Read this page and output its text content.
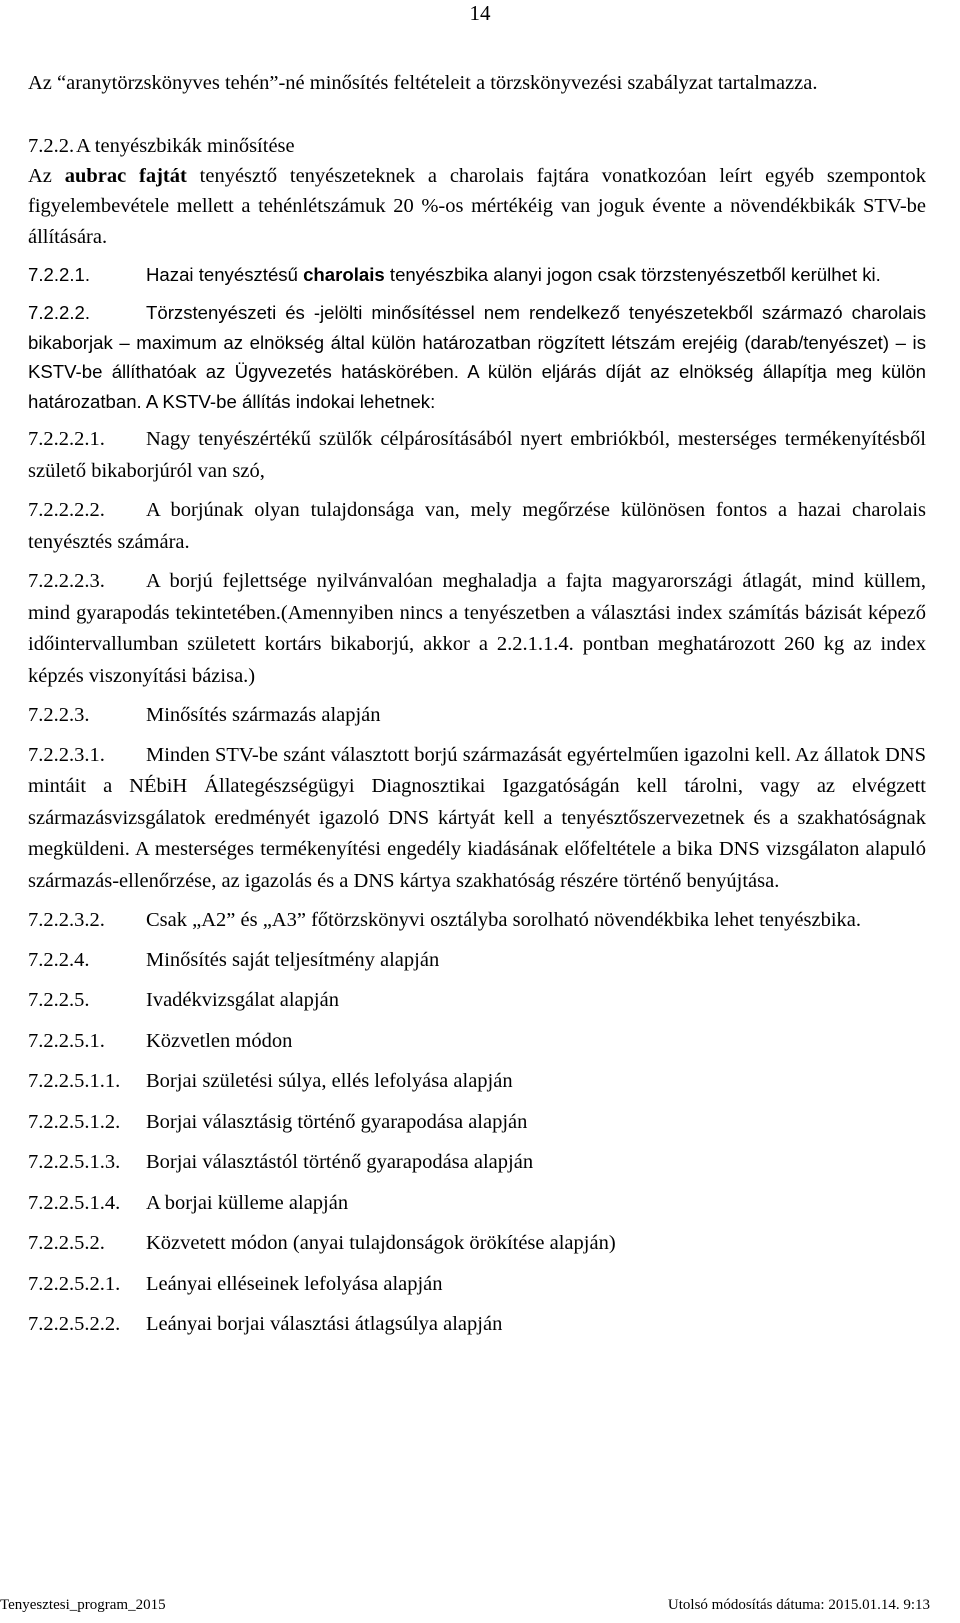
14

Az “aranytörzskönyves tehén”-né minősítés feltételeit a törzskönyvezési szabályzat tartalmazza.

7.2.2. A tenyészbikák minősítése

Az aubrac fajtát tenyésztő tenyészeteknek a charolais fajtára vonatkozóan leírt egyéb szempontok figyelembevétele mellett a tehénlétszámuk 20 %-os mértékéig van joguk évente a növendékbikák STV-be állítására.

7.2.2.1.	Hazai tenyésztésű charolais tenyészbika alanyi jogon csak törzstenyészetből kerülhet ki.

7.2.2.2.	Törzstenyészeti és -jelölti minősítéssel nem rendelkező tenyészetekből származó charolais bikaborjak – maximum az elnökség által külön határozatban rögzített létszám erejéig (darab/tenyészet) – is KSTV-be állíthatóak az Ügyvezetés hatáskörében. A külön eljárás díját az elnökség állapítja meg külön határozatban. A KSTV-be állítás indokai lehetnek:

7.2.2.2.1. Nagy tenyészértékű szülők célpárosításából nyert embriókból, mesterséges termékenyítésből születő bikaborjúról van szó,

7.2.2.2.2. A borjúnak olyan tulajdonsága van, mely megőrzése különösen fontos a hazai charolais tenyésztés számára.

7.2.2.2.3. A borjú fejlettsége nyilvánvalóan meghaladja a fajta magyarországi átlagát, mind küllem, mind gyarapodás tekintetében.(Amennyiben nincs a tenyészetben a választási index számítás bázisát képező időintervallumban született kortárs bikaborjú, akkor a 2.2.1.1.4. pontban meghatározott 260 kg az index képzés viszonyítási bázisa.)

7.2.2.3.	Minősítés származás alapján

7.2.2.3.1. Minden STV-be szánt választott borjú származását egyértelműen igazolni kell. Az állatok DNS mintáit a NÉbiH Állategészségügyi Diagnosztikai Igazgatóságán kell tárolni, vagy az elvégzett származásvizsgálatok eredményét igazoló DNS kártyát kell a tenyésztőszervezetnek és a szakhatóságnak megküldeni. A mesterséges termékenyítési engedély kiadásának előfeltétele a bika DNS vizsgálaton alapuló származás-ellenőrzése, az igazolás és a DNS kártya szakhatóság részére történő benyújtása.

7.2.2.3.2. Csak „A2” és „A3” főtörzskönyvi osztályba sorolható növendékbika lehet tenyészbika.

7.2.2.4.	Minősítés saját teljesítmény alapján
7.2.2.5.	Ivadékvizsgálat alapján
7.2.2.5.1.	Közvetlen módon
7.2.2.5.1.1.	Borjai születési súlya, ellés lefolyása alapján
7.2.2.5.1.2.	Borjai választásig történő gyarapodása alapján
7.2.2.5.1.3.	Borjai választástól történő gyarapodása alapján
7.2.2.5.1.4.	A borjai külleme alapján
7.2.2.5.2.	Közvetett módon (anyai tulajdonságok örökítése alapján)
7.2.2.5.2.1.	Leányai elléseinek lefolyása alapján
7.2.2.5.2.2.	Leányai borjai választási átlagsúlya alapján
Tenyesztesi_program_2015	Utolsó módosítás dátuma: 2015.01.14. 9:13
